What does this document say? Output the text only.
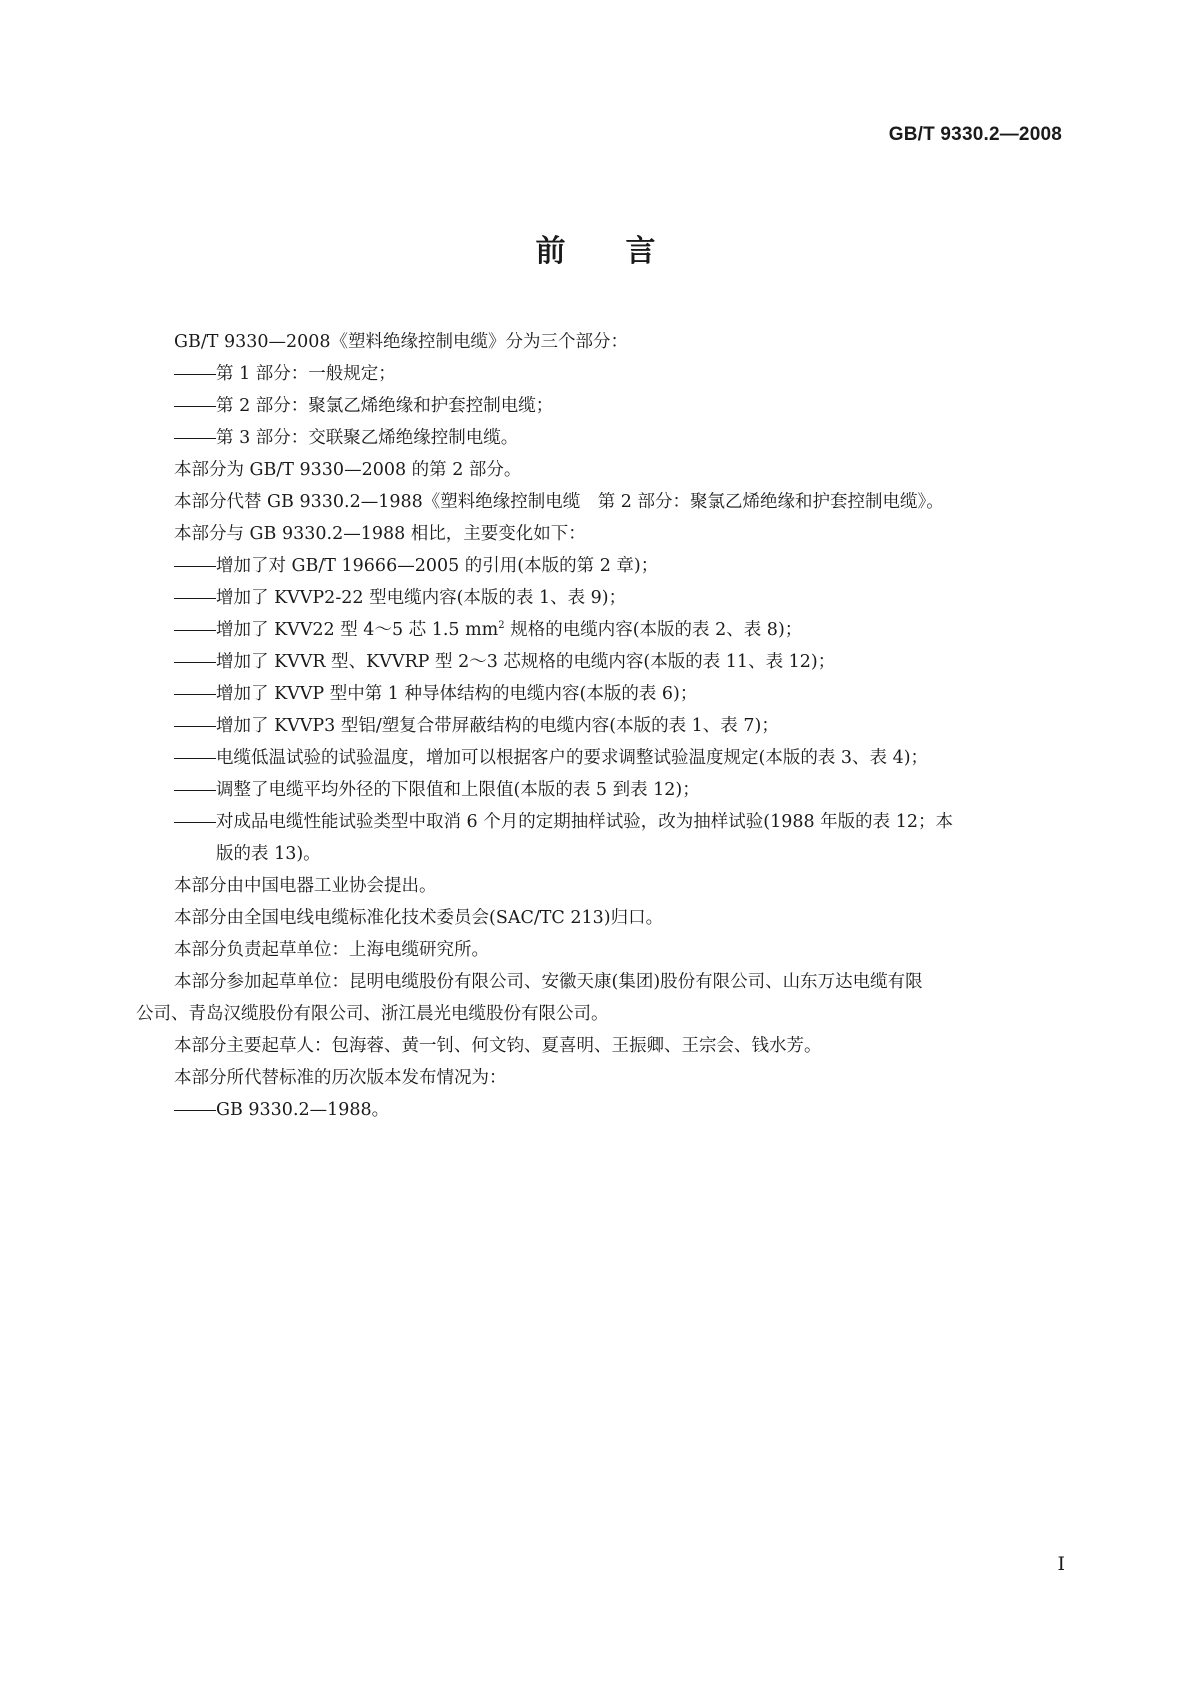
GB/T 9330.2—2008
前言
GB/T 9330—2008《塑料绝缘控制电缆》分为三个部分：
第 1 部分：一般规定；
第 2 部分：聚氯乙烯绝缘和护套控制电缆；
第 3 部分：交联聚乙烯绝缘控制电缆。
本部分为 GB/T 9330—2008 的第 2 部分。
本部分代替 GB 9330.2—1988《塑料绝缘控制电缆　第 2 部分：聚氯乙烯绝缘和护套控制电缆》。
本部分与 GB 9330.2—1988 相比，主要变化如下：
增加了对 GB/T 19666—2005 的引用(本版的第 2 章)；
增加了 KVVP2-22 型电缆内容(本版的表 1、表 9)；
增加了 KVV22 型 4～5 芯 1.5 $mm^2$ 规格的电缆内容(本版的表 2、表 8)；
增加了 KVVR 型、KVVRP 型 2～3 芯规格的电缆内容(本版的表 11、表 12)；
增加了 KVVP 型中第 1 种导体结构的电缆内容(本版的表 6)；
增加了 KVVP3 型铝/塑复合带屏蔽结构的电缆内容(本版的表 1、表 7)；
电缆低温试验的试验温度，增加可以根据客户的要求调整试验温度规定(本版的表 3、表 4)；
调整了电缆平均外径的下限值和上限值(本版的表 5 到表 12)；
对成品电缆性能试验类型中取消 6 个月的定期抽样试验，改为抽样试验(1988 年版的表 12；本
版的表 13)。
本部分由中国电器工业协会提出。
本部分由全国电线电缆标准化技术委员会(SAC/TC 213)归口。
本部分负责起草单位：上海电缆研究所。
本部分参加起草单位：昆明电缆股份有限公司、安徽天康(集团)股份有限公司、山东万达电缆有限
公司、青岛汉缆股份有限公司、浙江晨光电缆股份有限公司。
本部分主要起草人：包海蓉、黄一钊、何文钧、夏喜明、王振卿、王宗会、钱水芳。
本部分所代替标准的历次版本发布情况为：
GB 9330.2—1988。
I
